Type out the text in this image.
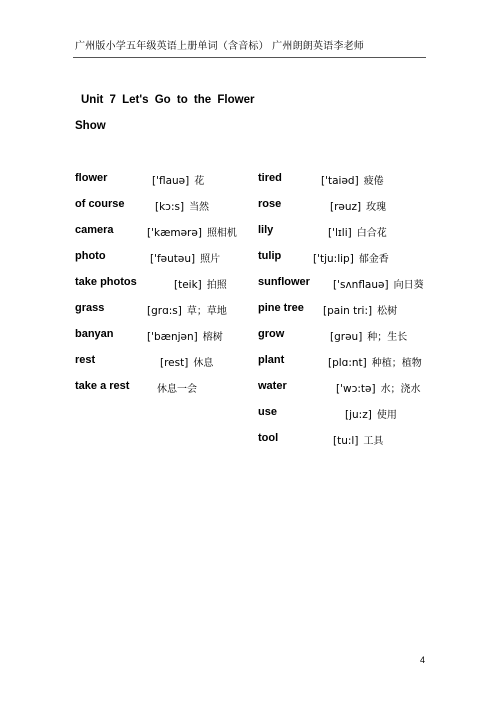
广州版小学五年级英语上册单词（含音标） 广州朗朗英语李老师
Unit 7 Let's Go to the Flower
Show
flower	['flauə] 花
of course	[kɔ:s] 当然
camera	['kæmərə] 照相机
photo	['fəutəu] 照片
take photos	[teik] 拍照
grass	[grɑ:s] 草；草地
banyan	['bænjən] 榕树
rest	[rest] 休息
take a rest	休息一会
tired	['taiəd] 疲倦
rose	[rəuz] 玫瑰
lily	['lɪli] 白合花
tulip	['tju:lip] 郁金香
sunflower ['sʌnflauə] 向日葵
pine tree [pain tri:] 松树
grow	[grəu] 种；生长
plant	[plɑ:nt] 种植；植物
water	['wɔ:tə] 水；浇水
use	[ju:z] 使用
tool	[tu:l] 工具
4
